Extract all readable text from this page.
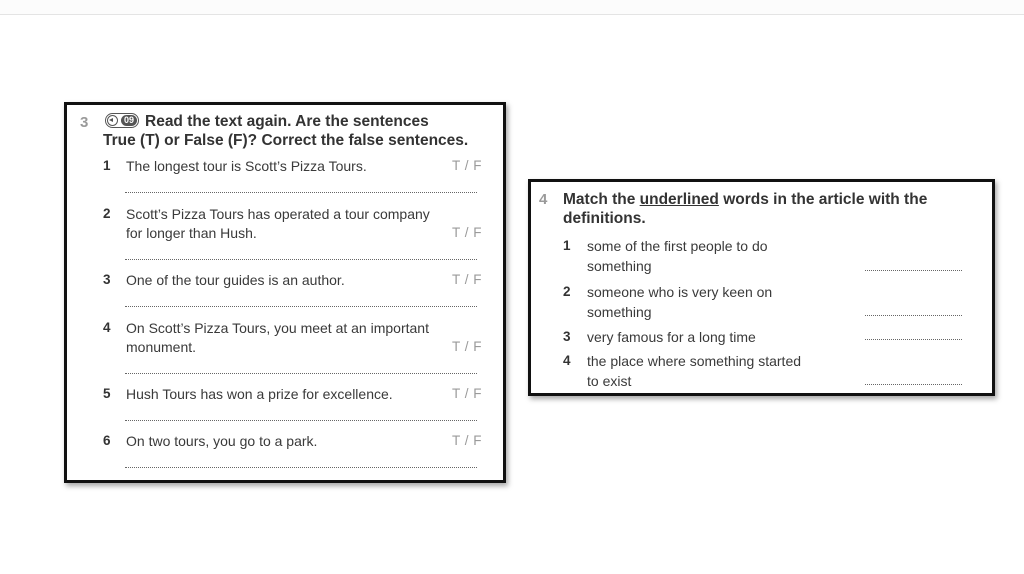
3	09 Read the text again. Are the sentences
True (T) or False (F)? Correct the false sentences.
1 The longest tour is Scott’s Pizza Tours.	T / F
2 Scott’s Pizza Tours has operated a tour company
for longer than Hush.	T / F
3 One of the tour guides is an author.	T / F
4 On Scott’s Pizza Tours, you meet at an important
monument.	T / F
5 Hush Tours has won a prize for excellence.	T / F
6 On two tours, you go to a park.	T / F
4 Match the underlined words in the article with the
definitions.
1 some of the first people to do
something
2 someone who is very keen on
something
3 very famous for a long time
4 the place where something started
to exist
